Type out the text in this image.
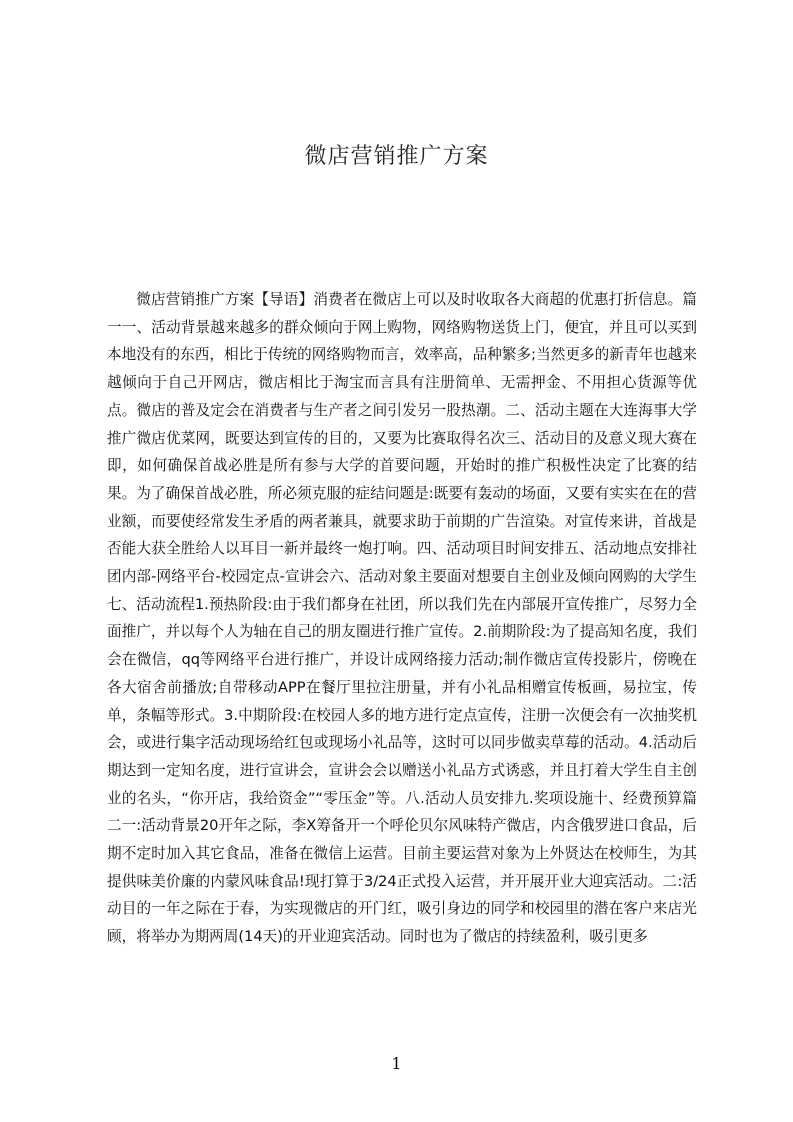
微店营销推广方案

微店营销推广方案【导语】消费者在微店上可以及时收取各大商超的优惠打折信息。篇一一、活动背景越来越多的群众倾向于网上购物，网络购物送货上门，便宜，并且可以买到本地没有的东西，相比于传统的网络购物而言，效率高，品种繁多;当然更多的新青年也越来越倾向于自己开网店，微店相比于淘宝而言具有注册简单、无需押金、不用担心货源等优点。微店的普及定会在消费者与生产者之间引发另一股热潮。二、活动主题在大连海事大学推广微店优菜网，既要达到宣传的目的，又要为比赛取得名次三、活动目的及意义现大赛在即，如何确保首战必胜是所有参与大学的首要问题，开始时的推广积极性决定了比赛的结果。为了确保首战必胜，所必须克服的症结问题是:既要有轰动的场面，又要有实实在在的营业额，而要使经常发生矛盾的两者兼具，就要求助于前期的广告渲染。对宣传来讲，首战是否能大获全胜给人以耳目一新并最终一炮打响。四、活动项目时间安排五、活动地点安排社团内部-网络平台-校园定点-宣讲会六、活动对象主要面对想要自主创业及倾向网购的大学生七、活动流程1.预热阶段:由于我们都身在社团，所以我们先在内部展开宣传推广，尽努力全面推广，并以每个人为轴在自己的朋友圈进行推广宣传。2.前期阶段:为了提高知名度，我们会在微信，qq等网络平台进行推广，并设计成网络接力活动;制作微店宣传投影片，傍晚在各大宿舍前播放;自带移动APP在餐厅里拉注册量，并有小礼品相赠宣传板画，易拉宝，传单，条幅等形式。3.中期阶段:在校园人多的地方进行定点宣传，注册一次便会有一次抽奖机会，或进行集字活动现场给红包或现场小礼品等，这时可以同步做卖草莓的活动。4.活动后期达到一定知名度，进行宣讲会，宣讲会会以赠送小礼品方式诱惑，并且打着大学生自主创业的名头，“你开店，我给资金”“零压金”等。八.活动人员安排九.奖项设施十、经费预算篇二一:活动背景20开年之际，李X筹备开一个呼伦贝尔风味特产微店，内含俄罗进口食品，后期不定时加入其它食品，准备在微信上运营。目前主要运营对象为上外贤达在校师生，为其提供味美价廉的内蒙风味食品!现打算于3/24正式投入运营，并开展开业大迎宾活动。二:活动目的一年之际在于春，为实现微店的开门红，吸引身边的同学和校园里的潜在客户来店光顾，将举办为期两周(14天)的开业迎宾活动。同时也为了微店的持续盈利，吸引更多

1
